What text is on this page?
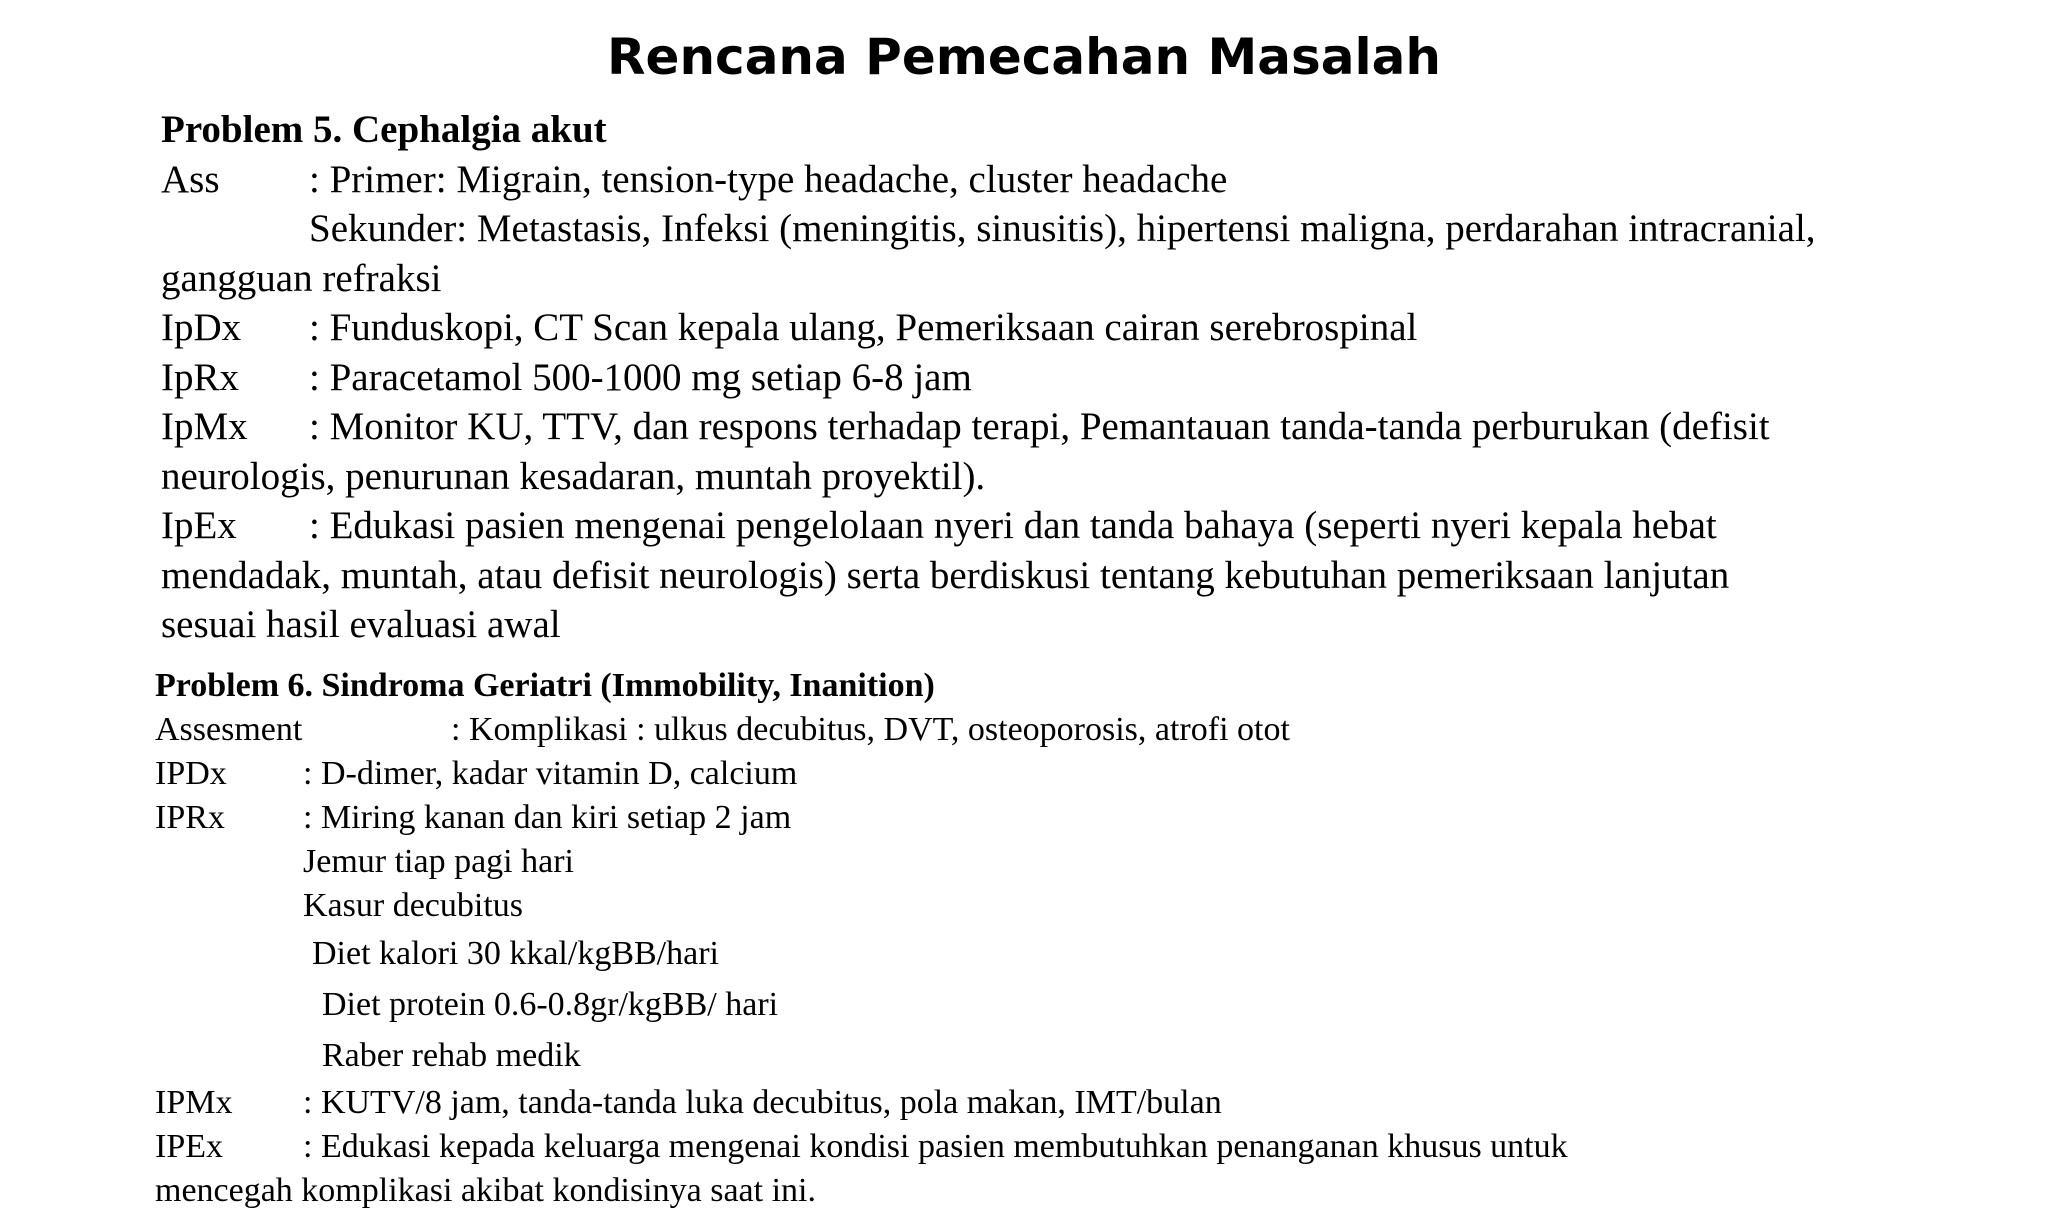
Rencana Pemecahan Masalah
Problem 5. Cephalgia akut
Ass : Primer: Migrain, tension-type headache, cluster headache
Sekunder: Metastasis, Infeksi (meningitis, sinusitis), hipertensi maligna, perdarahan intracranial,
gangguan refraksi
IpDx : Funduskopi, CT Scan kepala ulang, Pemeriksaan cairan serebrospinal
IpRx : Paracetamol 500-1000 mg setiap 6-8 jam
IpMx : Monitor KU, TTV, dan respons terhadap terapi, Pemantauan tanda-tanda perburukan (defisit
neurologis, penurunan kesadaran, muntah proyektil).
IpEx : Edukasi pasien mengenai pengelolaan nyeri dan tanda bahaya (seperti nyeri kepala hebat
mendadak, muntah, atau defisit neurologis) serta berdiskusi tentang kebutuhan pemeriksaan lanjutan
sesuai hasil evaluasi awal
Problem 6. Sindroma Geriatri (Immobility, Inanition)
Assesment	: Komplikasi : ulkus decubitus, DVT, osteoporosis, atrofi otot
IPDx : D-dimer, kadar vitamin D, calcium
IPRx : Miring kanan dan kiri setiap 2 jam
Jemur tiap pagi hari
Kasur decubitus
Diet kalori 30 kkal/kgBB/hari
Diet protein 0.6-0.8gr/kgBB/ hari
Raber rehab medik
IPMx : KUTV/8 jam, tanda-tanda luka decubitus, pola makan, IMT/bulan
IPEx : Edukasi kepada keluarga mengenai kondisi pasien membutuhkan penanganan khusus untuk
mencegah komplikasi akibat kondisinya saat ini.
